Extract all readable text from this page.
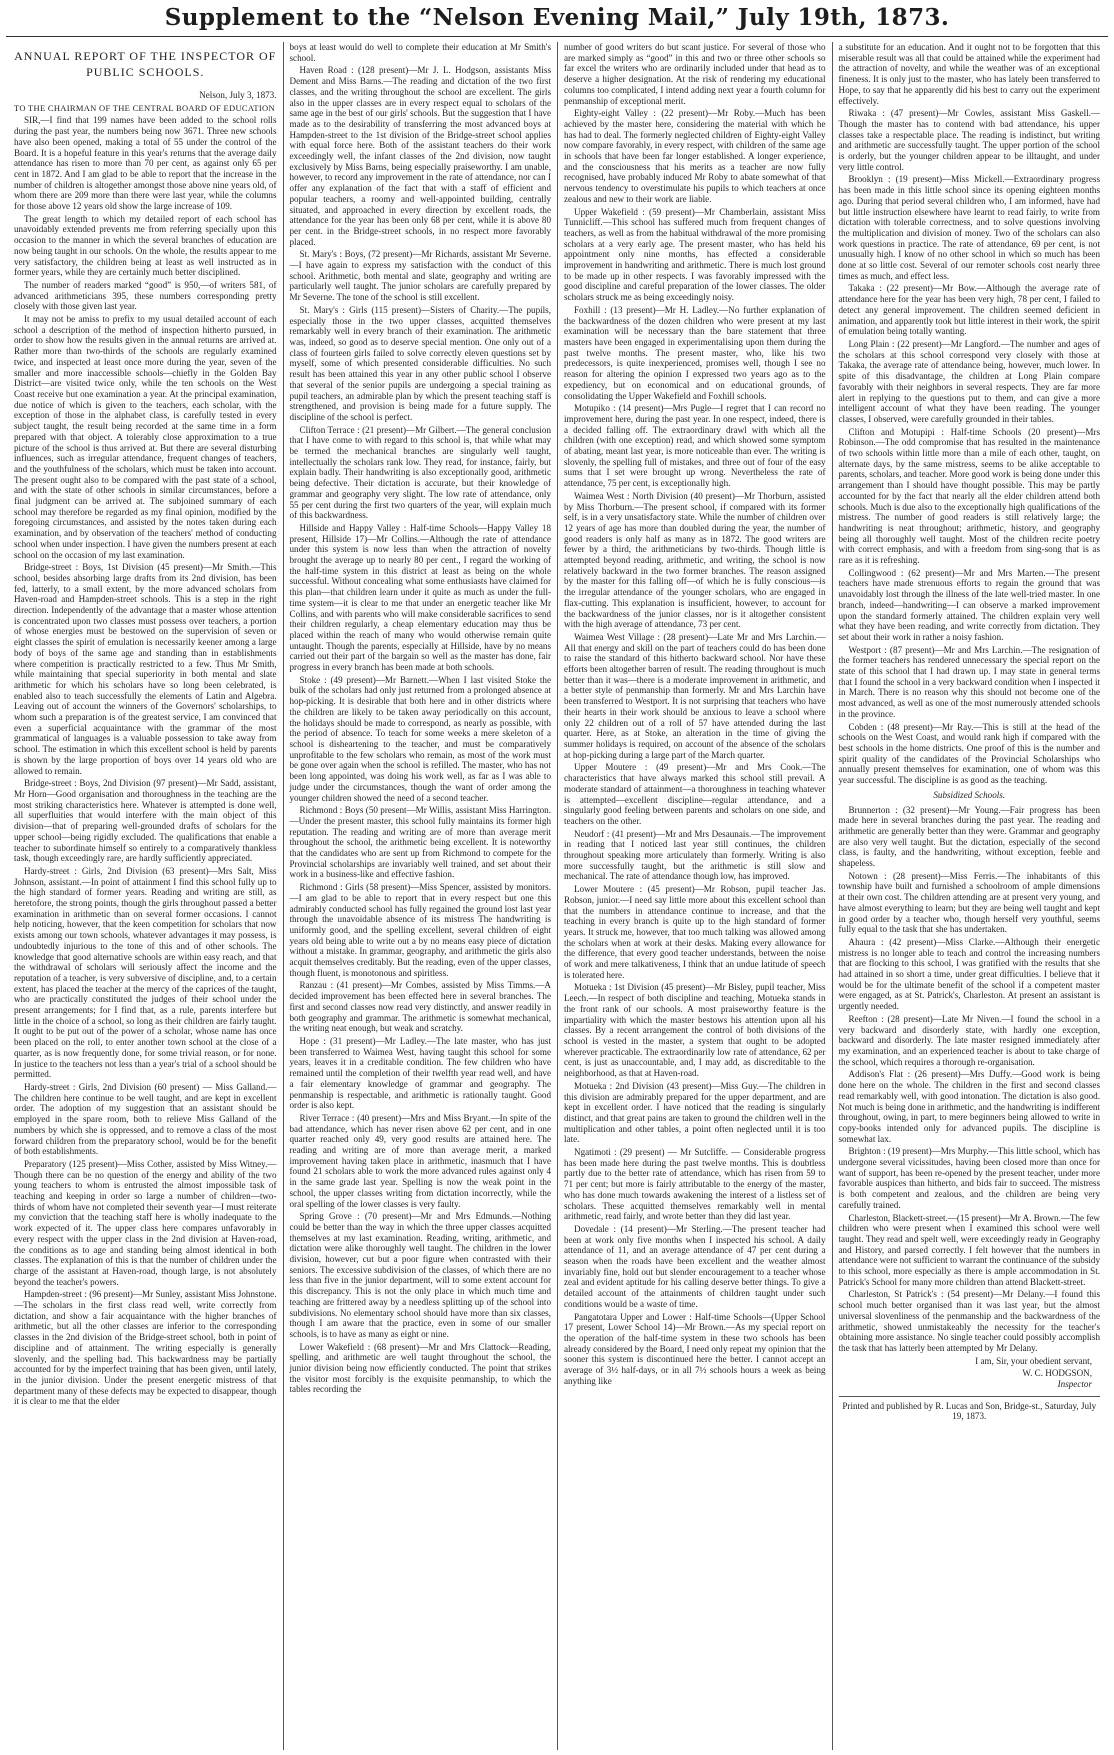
Supplement to the “Nelson Evening Mail,” July 19th, 1873.
ANNUAL REPORT OF THE INSPECTOR OF PUBLIC SCHOOLS.
Nelson, July 3, 1873.
TO THE CHAIRMAN OF THE CENTRAL BOARD OF EDUCATION

SIR,—I find that 199 names have been added to the school rolls during the past year, the numbers being now 3671. Three new schools have also been opened, making a total of 55 under the control of the Board. It is a hopeful feature in this year's returns that the average daily attendance has risen to more than 70 per cent, as against only 65 per cent in 1872. And I am glad to be able to report that the increase in the number of children is altogether amongst those above nine years old, of whom there are 209 more than there were last year, while the columns for those above 12 years old show the large increase of 109.

The great length to which my detailed report of each school has unavoidably extended prevents me from referring specially upon this occasion to the manner in which the several branches of education are now being taught in our schools. On the whole, the results appear to me very satisfactory, the children being at least as well instructed as in former years, while they are certainly much better disciplined.

The number of readers marked “good” is 950,—of writers 581, of advanced arithmeticians 395, these numbers corresponding pretty closely with those given last year.

It may not be amiss to prefix to my usual detailed account of each school a description of the method of inspection hitherto pursued, in order to show how the results given in the annual returns are arrived at. Rather more than two-thirds of the schools are regularly examined twice, and inspected at least once more during the year, seven of the smaller and more inaccessible schools—chiefly in the Golden Bay District—are visited twice only, while the ten schools on the West Coast receive but one examination a year. At the principal examination, due notice of which is given to the teachers, each scholar, with the exception of those in the alphabet class, is carefully tested in every subject taught, the result being recorded at the same time in a form prepared with that object. A tolerably close approximation to a true picture of the school is thus arrived at. But there are several disturbing influences, such as irregular attendance, frequent changes of teachers, and the youthfulness of the scholars, which must be taken into account. The present ought also to be compared with the past state of a school, and with the state of other schools in similar circumstances, before a final judgment can be arrived at. The subjoined summary of each school may therefore be regarded as my final opinion, modified by the foregoing circumstances, and assisted by the notes taken during each examination, and by observation of the teachers' method of conducting school when under inspection. I have given the numbers present at each school on the occasion of my last examination.

Bridge-street : Boys, 1st Division (45 present)—Mr Smith.—This school, besides absorbing large drafts from its 2nd division, has been fed, latterly, to a small extent, by the more advanced scholars from Haven-road and Hampden-street schools. This is a step in the right direction. Independently of the advantage that a master whose attention is concentrated upon two classes must possess over teachers, a portion of whose energies must be bestowed on the supervision of seven or eight classes the spirit of emulation is necessarily keener among a large body of boys of the same age and standing than in establishments where competition is practically restricted to a few. Thus Mr Smith, while maintaining that special superiority in both mental and slate arithmetic for which his scholars have so long been celebrated, is enabled also to teach successfully the elements of Latin and Algebra. Leaving out of account the winners of the Governors' scholarships, to whom such a preparation is of the greatest service, I am convinced that even a superficial acquaintance with the grammar of the most grammatical of languages is a valuable possession to take away from school. The estimation in which this excellent school is held by parents is shown by the large proportion of boys over 14 years old who are allowed to remain.

Bridge-street : Boys, 2nd Division (97 present)—Mr Sadd, assistant, Mr Horn—Good organisation and thoroughness in the teaching are the most striking characteristics here. Whatever is attempted is done well, all superfluities that would interfere with the main object of this division—that of preparing well-grounded drafts of scholars for the upper school—being rigidly excluded. The qualifications that enable a teacher to subordinate himself so entirely to a comparatively thankless task, though exceedingly rare, are hardly sufficiently appreciated.

Hardy-street : Girls, 2nd Division (63 present)—Mrs Salt, Miss Johnson, assistant.—In point of attainment I find this school fully up to the high standard of former years. Reading and writing are still, as heretofore, the strong points, though the girls throughout passed a better examination in arithmetic than on several former occasions. I cannot help noticing, however, that the keen competition for scholars that now exists among our town schools, whatever advantages it may possess, is undoubtedly injurious to the tone of this and of other schools. The knowledge that good alternative schools are within easy reach, and that the withdrawal of scholars will seriously affect the income and the reputation of a teacher, is very subversive of discipline, and, to a certain extent, has placed the teacher at the mercy of the caprices of the taught, who are practically constituted the judges of their school under the present arrangements; for I find that, as a rule, parents interfere but little in the choice of a school, so long as their children are fairly taught. It ought to be put out of the power of a scholar, whose name has once been placed on the roll, to enter another town school at the close of a quarter, as is now frequently done, for some trivial reason, or for none. In justice to the teachers not less than a year's trial of a school should be permitted.

Hardy-street : Girls, 2nd Division (60 present) — Miss Galland.—The children here continue to be well taught, and are kept in excellent order. The adoption of my suggestion that an assistant should be employed in the spare room, both to relieve Miss Galland of the numbers by which she is oppressed, and to remove a class of the most forward children from the preparatory school, would be for the benefit of both establishments.

Preparatory (125 present)—Miss Cother, assisted by Miss Witney.—Though there can be no question of the energy and ability of the two young teachers to whom is entrusted the almost impossible task of teaching and keeping in order so large a number of children—two-thirds of whom have not completed their seventh year—I must reiterate my conviction that the teaching staff here is wholly inadequate to the work expected of it. The upper class here compares unfavorably in every respect with the upper class in the 2nd division at Haven-road, the conditions as to age and standing being almost identical in both classes. The explanation of this is that the number of children under the charge of the assistant at Haven-road, though large, is not absolutely beyond the teacher's powers.

Hampden-street : (96 present)—Mr Sunley, assistant Miss Johnstone.—The scholars in the first class read well, write correctly from dictation, and show a fair acquaintance with the higher branches of arithmetic, but all the other classes are inferior to the corresponding classes in the 2nd division of the Bridge-street school, both in point of discipline and of attainment. The writing especially is generally slovenly, and the spelling bad. This backwardness may be partially accounted for by the imperfect training that has been given, until lately, in the junior division. Under the present energetic mistress of that department many of these defects may be expected to disappear, though it is clear to me that the elder

boys at least would do well to complete their education at Mr Smith's school.

Haven Road : (128 present)—Mr J. L. Hodgson, assistants Miss Dement and Miss Barns.—The reading and dictation of the two first classes, and the writing throughout the school are excellent. The girls also in the upper classes are in every respect equal to scholars of the same age in the best of our girls' schools. But the suggestion that I have made as to the desirability of transferring the most advanced boys at Hampden-street to the 1st division of the Bridge-street school applies with equal force here. Both of the assistant teachers do their work exceedingly well, the infant classes of the 2nd division, now taught exclusively by Miss Barns, being especially praiseworthy. I am unable, however, to record any improvement in the rate of attendance, nor can I offer any explanation of the fact that with a staff of efficient and popular teachers, a roomy and well-appointed building, centrally situated, and approached in every direction by excellent roads, the attendance for the year has been only 68 per cent, while it is above 80 per cent. in the Bridge-street schools, in no respect more favorably placed.

St. Mary's : Boys, (72 present)—Mr Richards, assistant Mr Severne.—I have again to express my satisfaction with the conduct of this school. Arithmetic, both mental and slate, geography and writing are particularly well taught. The junior scholars are carefully prepared by Mr Severne. The tone of the school is still excellent.

St. Mary's : Girls (115 present)—Sisters of Charity.—The pupils, especially those in the two upper classes, acquitted themselves remarkably well in every branch of their examination. The arithmetic was, indeed, so good as to deserve special mention. One only out of a class of fourteen girls failed to solve correctly eleven questions set by myself, some of which presented considerable difficulties. No such result has been attained this year in any other public school I observe that several of the senior pupils are undergoing a special training as pupil teachers, an admirable plan by which the present teaching staff is strengthened, and provision is being made for a future supply. The discipline of the school is perfect.

Clifton Terrace : (21 present)—Mr Gilbert.—The general conclusion that I have come to with regard to this school is, that while what may be termed the mechanical branches are singularly well taught, intellectually the scholars rank low. They read, for instance, fairly, but explain badly. Their handwriting is also exceptionally good, arithmetic being defective. Their dictation is accurate, but their knowledge of grammar and geography very slight. The low rate of attendance, only 55 per cent during the first two quarters of the year, will explain much of this backwardness.

Hillside and Happy Valley : Half-time Schools—Happy Valley 18 present, Hillside 17)—Mr Collins.—Although the rate of attendance under this system is now less than when the attraction of novelty brought the average up to nearly 80 per cent., I regard the working of the half-time system in this district at least as being on the whole successful. Without concealing what some enthusiasts have claimed for this plan—that children learn under it quite as much as under the full-time system—it is clear to me that under an energetic teacher like Mr Collins, and with parents who will make considerable sacrifices to send their children regularly, a cheap elementary education may thus be placed within the reach of many who would otherwise remain quite untaught. Though the parents, especially at Hillside, have by no means carried out their part of the bargain so well as the master has done, fair progress in every branch has been made at both schools.

Stoke : (49 present)—Mr Barnett.—When I last visited Stoke the bulk of the scholars had only just returned from a prolonged absence at hop-picking. It is desirable that both here and in other districts where the children are likely to be taken away periodically on this account, the holidays should be made to correspond, as nearly as possible, with the period of absence. To teach for some weeks a mere skeleton of a school is disheartening to the teacher, and must be comparatively unprofitable to the few scholars who remain, as most of the work must be gone over again when the school is refilled. The master, who has not been long appointed, was doing his work well, as far as I was able to judge under the circumstances, though the want of order among the younger children showed the need of a second teacher.

Richmond : Boys (50 present—Mr Willis, assistant Miss Harrington.—Under the present master, this school fully maintains its former high reputation. The reading and writing are of more than average merit throughout the school, the arithmetic being excellent. It is noteworthy that the candidates who are sent up from Richmond to compete for the Provincial scholarships are invariably well trained, and set about their work in a business-like and effective fashion.

Richmond : Girls (58 present)—Miss Spencer, assisted by monitors.—I am glad to be able to report that in every respect but one this admirably conducted school has fully regained the ground lost last year through the unavoidable absence of its mistress The handwriting is uniformly good, and the spelling excellent, several children of eight years old being able to write out a by no means easy piece of dictation without a mistake. In grammar, geography, and arithmetic the girls also acquit themselves creditably. But the reading, even of the upper classes, though fluent, is monotonous and spiritless.

Ranzau : (41 present)—Mr Combes, assisted by Miss Timms.—A decided improvement has been effected here in several branches. The first and second classes now read very distinctly, and answer readily in both geography and grammar. The arithmetic is somewhat mechanical, the writing neat enough, but weak and scratchy.

Hope : (31 present)—Mr Ladley.—The late master, who has just been transferred to Waimea West, having taught this school for some years, leaves it in a creditable condition. The few children who have remained until the completion of their twelfth year read well, and have a fair elementary knowledge of grammar and geography. The penmanship is respectable, and arithmetic is rationally taught. Good order is also kept.

River Terrace : (40 present)—Mrs and Miss Bryant.—In spite of the bad attendance, which has never risen above 62 per cent, and in one quarter reached only 49, very good results are attained here. The reading and writing are of more than average merit, a marked improvement having taken place in arithmetic, inasmuch that I have found 21 scholars able to work the more advanced rules against only 4 in the same grade last year. Spelling is now the weak point in the school, the upper classes writing from dictation incorrectly, while the oral spelling of the lower classes is very faulty.

Spring Grove : (70 present)—Mr and Mrs Edmunds.—Nothing could be better than the way in which the three upper classes acquitted themselves at my last examination. Reading, writing, arithmetic, and dictation were alike thoroughly well taught. The children in the lower division, however, cut but a poor figure when contrasted with their seniors. The excessive subdivision of the classes, of which there are no less than five in the junior department, will to some extent account for this discrepancy. This is not the only place in which much time and teaching are frittered away by a needless splitting up of the school into subdivisions. No elementary school should have more than six classes, though I am aware that the practice, even in some of our smaller schools, is to have as many as eight or nine.

Lower Wakefield : (68 present)—Mr and Mrs Clattock—Reading, spelling, and arithmetic are well taught throughout the school, the junior division being now efficiently conducted. The point that strikes the visitor most forcibly is the exquisite penmanship, to which the tables recording the

number of good writers do but scant justice. For several of those who are marked simply as “good” in this and two or three other schools so far excel the writers who are ordinarily included under that head as to deserve a higher designation. At the risk of rendering my educational columns too complicated, I intend adding next year a fourth column for penmanship of exceptional merit.

Eighty-eight Valley : (22 present)—Mr Roby.—Much has been achieved by the master here, considering the material with which he has had to deal. The formerly neglected children of Eighty-eight Valley now compare favorably, in every respect, with children of the same age in schools that have been far longer established. A longer experience, and the consciousness that his merits as a teacher are now fully recognised, have probably induced Mr Roby to abate somewhat of that nervous tendency to overstimulate his pupils to which teachers at once zealous and new to their work are liable.

Upper Wakefield : (59 present)—Mr Chamberlain, assistant Miss Tunnicliff.—This school has suffered much from frequent changes of teachers, as well as from the habitual withdrawal of the more promising scholars at a very early age. The present master, who has held his appointment only nine months, has effected a considerable improvement in handwriting and arithmetic. There is much lost ground to be made up in other respects. I was favorably impressed with the good discipline and careful preparation of the lower classes. The older scholars struck me as being exceedingly noisy.

Foxhill : (13 present)—Mr H. Ladley.—No further explanation of the backwardness of the dozen children who were present at my last examination will be necessary than the bare statement that three masters have been engaged in experimentalising upon them during the past twelve months. The present master, who, like his two predecessors, is quite inexperienced, promises well, though I see no reason for altering the opinion I expressed two years ago as to the expediency, but on economical and on educational grounds, of consolidating the Upper Wakefield and Foxhill schools.

Motupiko : (14 present)—Mrs Pugle—I regret that I can record no improvement here, during the past year. In one respect, indeed, there is a decided falling off. The extraordinary drawl with which all the children (with one exception) read, and which showed some symptom of abating, meant last year, is more noticeable than ever. The writing is slovenly, the spelling full of mistakes, and three out of four of the easy sums that I set were brought up wrong. Nevertheless the rate of attendance, 75 per cent, is exceptionally high.

Waimea West : North Division (40 present)—Mr Thorburn, assisted by Miss Thorburn.—The present school, if compared with its former self, is in a very unsatisfactory state. While the number of children over 12 years of age has more than doubled during the year, the number of good readers is only half as many as in 1872. The good writers are fewer by a third, the arithmeticians by two-thirds. Though little is attempted beyond reading, arithmetic, and writing, the school is now relatively backward in the two former branches. The reason assigned by the master for this falling off—of which he is fully conscious—is the irregular attendance of the younger scholars, who are engaged in flax-cutting. This explanation is insufficient, however, to account for the backwardness of the junior classes, nor is it altogether consistent with the high average of attendance, 73 per cent.

Waimea West Village : (28 present)—Late Mr and Mrs Larchin.—All that energy and skill on the part of teachers could do has been done to raise the standard of this hitherto backward school. Nor have these efforts been altogether barren of result. The reading throughout is much better than it was—there is a moderate improvement in arithmetic, and a better style of penmanship than formerly. Mr and Mrs Larchin have been transferred to Westport. It is not surprising that teachers who have their hearts in their work should be anxious to leave a school where only 22 children out of a roll of 57 have attended during the last quarter. Here, as at Stoke, an alteration in the time of giving the summer holidays is required, on account of the absence of the scholars at hop-picking during a large part of the March quarter.

Upper Moutere : (49 present)—Mr and Mrs Cook.—The characteristics that have always marked this school still prevail. A moderate standard of attainment—a thoroughness in teaching whatever is attempted—excellent discipline—regular attendance, and a singularly good feeling between parents and scholars on one side, and teachers on the other.

Neudorf : (41 present)—Mr and Mrs Desaunais.—The improvement in reading that I noticed last year still continues, the children throughout speaking more articulately than formerly. Writing is also more successfully taught, but the arithmetic is still slow and mechanical. The rate of attendance though low, has improved.

Lower Moutere : (45 present)—Mr Robson, pupil teacher Jas. Robson, junior.—I need say little more about this excellent school than that the numbers in attendance continue to increase, and that the teaching in every branch is quite up to the high standard of former years. It struck me, however, that too much talking was allowed among the scholars when at work at their desks. Making every allowance for the difference, that every good teacher understands, between the noise of work and mere talkativeness, I think that an undue latitude of speech is tolerated here.

Motueka : 1st Division (45 present)—Mr Bisley, pupil teacher, Miss Leech.—In respect of both discipline and teaching, Motueka stands in the front rank of our schools. A most praiseworthy feature is the impartiality with which the master bestows his attention upon all his classes. By a recent arrangement the control of both divisions of the school is vested in the master, a system that ought to be adopted wherever practicable. The extraordinarily low rate of attendance, 62 per cent, is just as unaccountable, and, I may add, as discreditable to the neighborhood, as that at Haven-road.

Motueka : 2nd Division (43 present)—Miss Guy.—The children in this division are admirably prepared for the upper department, and are kept in excellent order. I have noticed that the reading is singularly distinct, and that great pains are taken to ground the children well in the multiplication and other tables, a point often neglected until it is too late.

Ngatimoti : (29 present) — Mr Sutcliffe. — Considerable progress has been made here during the past twelve months. This is doubtless partly due to the better rate of attendance, which has risen from 59 to 71 per cent; but more is fairly attributable to the energy of the master, who has done much towards awakening the interest of a listless set of scholars. These acquitted themselves remarkably well in mental arithmetic, read fairly, and wrote better than they did last year.

Dovedale : (14 present)—Mr Sterling.—The present teacher had been at work only five months when I inspected his school. A daily attendance of 11, and an average attendance of 47 per cent during a season when the roads have been excellent and the weather almost invariably fine, hold out but slender encouragement to a teacher whose zeal and evident aptitude for his calling deserve better things. To give a detailed account of the attainments of children taught under such conditions would be a waste of time.

Pangatotara Upper and Lower : Half-time Schools—(Upper School 17 present, Lower School 14)—Mr Brown.—As my special report on the operation of the half-time system in these two schools has been already considered by the Board, I need only repeat my opinion that the sooner this system is discontinued here the better. I cannot accept an average of 3½ half-days, or in all 7½ schools hours a week as being anything like

a substitute for an education. And it ought not to be forgotten that this miserable result was all that could be attained while the experiment had the attraction of novelty, and while the weather was of an exceptional fineness. It is only just to the master, who has lately been transferred to Hope, to say that he apparently did his best to carry out the experiment effectively.

Riwaka : (47 present)—Mr Cowles, assistant Miss Gaskell.—Though the master has to contend with bad attendance, his upper classes take a respectable place. The reading is indistinct, but writing and arithmetic are successfully taught. The upper portion of the school is orderly, but the younger children appear to be illtaught, and under very little control.

Brooklyn : (19 present)—Miss Mickell.—Extraordinary progress has been made in this little school since its opening eighteen months ago. During that period several children who, I am informed, have had but little instruction elsewhere have learnt to read fairly, to write from dictation with tolerable correctness, and to solve questions involving the multiplication and division of money. Two of the scholars can also work questions in practice. The rate of attendance, 69 per cent, is not unusually high. I know of no other school in which so much has been done at so little cost. Several of our remoter schools cost nearly three times as much, and effect less.

Takaka : (22 present)—Mr Bow.—Although the average rate of attendance here for the year has been very high, 78 per cent, I failed to detect any general improvement. The children seemed deficient in animation, and apparently took but little interest in their work, the spirit of emulation being totally wanting.

Long Plain : (22 present)—Mr Langford.—The number and ages of the scholars at this school correspond very closely with those at Takaka, the average rate of attendance being, however, much lower. In spite of this disadvantage, the children at Long Plain compare favorably with their neighbors in several respects. They are far more alert in replying to the questions put to them, and can give a more intelligent account of what they have been reading. The younger classes, I observed, were carefully grounded in their tables.

Clifton and Motupipi : Half-time Schools (20 present)—Mrs Robinson.—The odd compromise that has resulted in the maintenance of two schools within little more than a mile of each other, taught, on alternate days, by the same mistress, seems to be alike acceptable to parents, scholars, and teacher. More good work is being done under this arrangement than I should have thought possible. This may be partly accounted for by the fact that nearly all the elder children attend both schools. Much is due also to the exceptionally high qualifications of the mistress. The number of good readers is still relatively large; the handwriting is neat throughout; arithmetic, history, and geography being all thoroughly well taught. Most of the children recite poetry with correct emphasis, and with a freedom from sing-song that is as rare as it is refreshing.

Collingwood : (62 present)—Mr and Mrs Marten.—The present teachers have made strenuous efforts to regain the ground that was unavoidably lost through the illness of the late well-tried master. In one branch, indeed—handwriting—I can observe a marked improvement upon the standard formerly attained. The children explain very well what they have been reading, and write correctly from dictation. They set about their work in rather a noisy fashion.

Westport : (87 present)—Mr and Mrs Larchin.—The resignation of the former teachers has rendered unnecessary the special report on the state of this school that I had drawn up. I may state in general terms that I found the school in a very backward condition when I inspected it in March. There is no reason why this should not become one of the most advanced, as well as one of the most numerously attended schools in the province.

Cobden : (48 present)—Mr Ray.—This is still at the head of the schools on the West Coast, and would rank high if compared with the best schools in the home districts. One proof of this is the number and spirit quality of the candidates of the Provincial Scholarships who annually present themselves for examination, one of whom was this year successful. The discipline is as good as the teaching.

Subsidized Schools.

Brunnerton : (32 present)—Mr Young.—Fair progress has been made here in several branches during the past year. The reading and arithmetic are generally better than they were. Grammar and geography are also very well taught. But the dictation, especially of the second class, is faulty, and the handwriting, without exception, feeble and shapeless.

Notown : (28 present)—Miss Ferris.—The inhabitants of this township have built and furnished a schoolroom of ample dimensions at their own cost. The children attending are at present very young, and have almost everything to learn; but they are being well taught and kept in good order by a teacher who, though herself very youthful, seems fully equal to the task that she has undertaken.

Ahaura : (42 present)—Miss Clarke.—Although their energetic mistress is no longer able to teach and control the increasing numbers that are flocking to this school, I was gratified with the results that she had attained in so short a time, under great difficulties. I believe that it would be for the ultimate benefit of the school if a competent master were engaged, as at St. Patrick's, Charleston. At present an assistant is urgently needed.

Reefton : (28 present)—Late Mr Niven.—I found the school in a very backward and disorderly state, with hardly one exception, backward and disorderly. The late master resigned immediately after my examination, and an experienced teacher is about to take charge of the school, which requires a thorough re-organisation.

Addison's Flat : (26 present)—Mrs Duffy.—Good work is being done here on the whole. The children in the first and second classes read remarkably well, with good intonation. The dictation is also good. Not much is being done in arithmetic, and the handwriting is indifferent throughout, owing, in part, to mere beginners being allowed to write in copy-books intended only for advanced pupils. The discipline is somewhat lax.

Brighton : (19 present)—Mrs Murphy.—This little school, which has undergone several vicissitudes, having been closed more than once for want of support, has been re-opened by the present teacher, under more favorable auspices than hitherto, and bids fair to succeed. The mistress is both competent and zealous, and the children are being very carefully trained.

Charleston, Blackett-street.—(15 present)—Mr A. Brown.—The few children who were present when I examined this school were well taught. They read and spelt well, were exceedingly ready in Geography and History, and parsed correctly. I felt however that the numbers in attendance were not sufficient to warrant the continuance of the subsidy to this school, more especially as there is ample accommodation in St. Patrick's School for many more children than attend Blackett-street.

Charleston, St Patrick's : (54 present)—Mr Delany.—I found this school much better organised than it was last year, but the almost universal slovenliness of the penmanship and the backwardness of the arithmetic, showed unmistakeably the necessity for the teacher's obtaining more assistance. No single teacher could possibly accomplish the task that has latterly been attempted by Mr Delany.

I am, Sir, your obedient servant,
W. C. HODGSON,
Inspector
Printed and published by R. Lucas and Son, Bridge-st., Saturday, July 19, 1873.
